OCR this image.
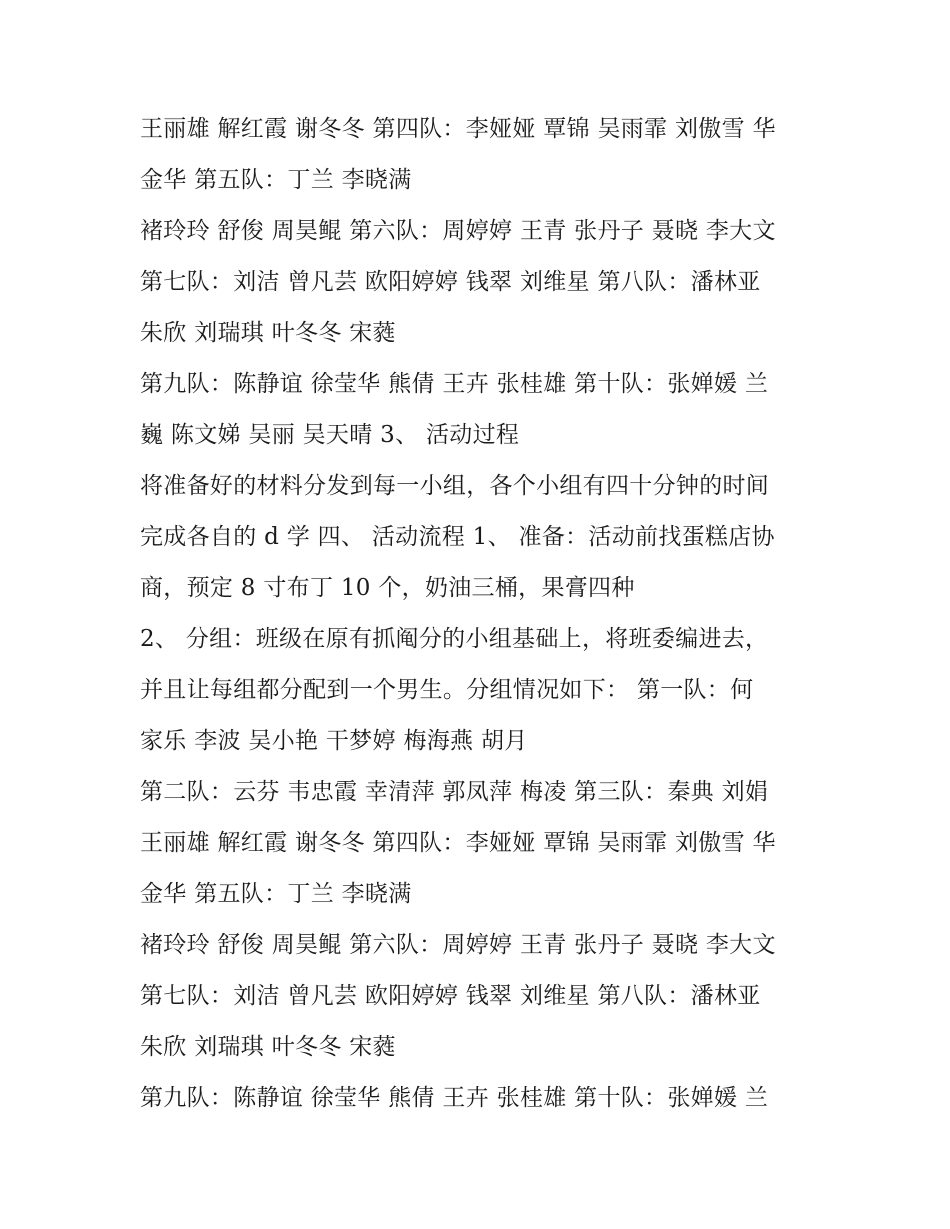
王丽雄 解红霞 谢冬冬 第四队：李娅娅 覃锦 吴雨霏 刘傲雪 华
金华 第五队：丁兰 李晓满
褚玲玲 舒俊 周昊鲲 第六队：周婷婷 王青 张丹子 聂晓 李大文
第七队：刘洁 曾凡芸 欧阳婷婷 钱翠 刘维星 第八队：潘林亚
朱欣 刘瑞琪 叶冬冬 宋蕤
第九队：陈静谊 徐莹华 熊倩 王卉 张桂雄 第十队：张婵媛 兰
巍 陈文娣 吴丽 吴天晴 3、 活动过程
将准备好的材料分发到每一小组，各个小组有四十分钟的时间
完成各自的 d 学 四、 活动流程 1、 准备：活动前找蛋糕店协
商，预定 8 寸布丁 10 个，奶油三桶，果膏四种
2、 分组：班级在原有抓阄分的小组基础上，将班委编进去，
并且让每组都分配到一个男生。分组情况如下： 第一队：何
家乐 李波 吴小艳 干梦婷 梅海燕 胡月
第二队：云芬 韦忠霞 幸清萍 郭凤萍 梅凌 第三队：秦典 刘娟
王丽雄 解红霞 谢冬冬 第四队：李娅娅 覃锦 吴雨霏 刘傲雪 华
金华 第五队：丁兰 李晓满
褚玲玲 舒俊 周昊鲲 第六队：周婷婷 王青 张丹子 聂晓 李大文
第七队：刘洁 曾凡芸 欧阳婷婷 钱翠 刘维星 第八队：潘林亚
朱欣 刘瑞琪 叶冬冬 宋蕤
第九队：陈静谊 徐莹华 熊倩 王卉 张桂雄 第十队：张婵媛 兰
